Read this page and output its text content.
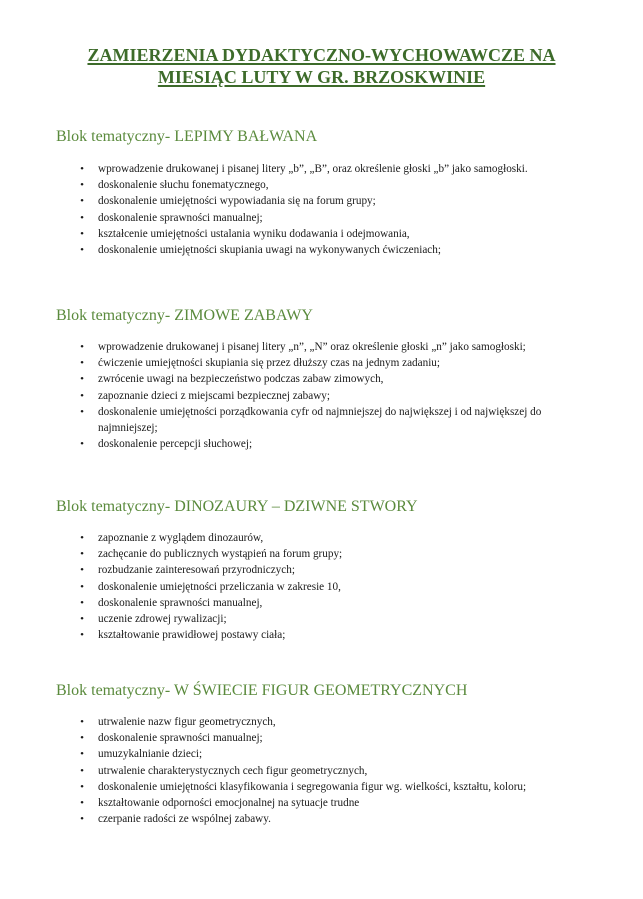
ZAMIERZENIA DYDAKTYCZNO-WYCHOWAWCZE NA
MIESIĄC LUTY W GR. BRZOSKWINIE
Blok tematyczny- LEPIMY BAŁWANA
•	wprowadzenie drukowanej i pisanej litery „b”, „B”, oraz określenie głoski „b” jako samogłoski.
•	doskonalenie słuchu fonematycznego,
•	doskonalenie umiejętności wypowiadania się na forum grupy;
•	doskonalenie sprawności manualnej;
•	kształcenie umiejętności ustalania wyniku dodawania i odejmowania,
•	doskonalenie umiejętności skupiania uwagi na wykonywanych ćwiczeniach;
Blok tematyczny- ZIMOWE ZABAWY
•	wprowadzenie drukowanej i pisanej litery „n”, „N” oraz określenie głoski „n” jako samogłoski;
•	ćwiczenie umiejętności skupiania się przez dłuższy czas na jednym zadaniu;
•	zwrócenie uwagi na bezpieczeństwo podczas zabaw zimowych,
•	zapoznanie dzieci z miejscami bezpiecznej zabawy;
•	doskonalenie umiejętności porządkowania cyfr od najmniejszej do największej i od największej do najmniejszej;
•	doskonalenie percepcji słuchowej;
Blok tematyczny- DINOZAURY – DZIWNE STWORY
•	zapoznanie z wyglądem dinozaurów,
•	zachęcanie do publicznych wystąpień na forum grupy;
•	rozbudzanie zainteresowań przyrodniczych;
•	doskonalenie umiejętności przeliczania w zakresie 10,
•	doskonalenie sprawności manualnej,
•	uczenie zdrowej rywalizacji;
•	kształtowanie prawidłowej postawy ciała;
Blok tematyczny- W ŚWIECIE FIGUR GEOMETRYCZNYCH
•	utrwalenie nazw figur geometrycznych,
•	doskonalenie sprawności manualnej;
•	umuzykalnianie dzieci;
•	utrwalenie charakterystycznych cech figur geometrycznych,
•	doskonalenie umiejętności klasyfikowania i segregowania figur wg. wielkości, kształtu, koloru;
•	kształtowanie odporności emocjonalnej na sytuacje trudne
•	czerpanie radości ze wspólnej zabawy.
